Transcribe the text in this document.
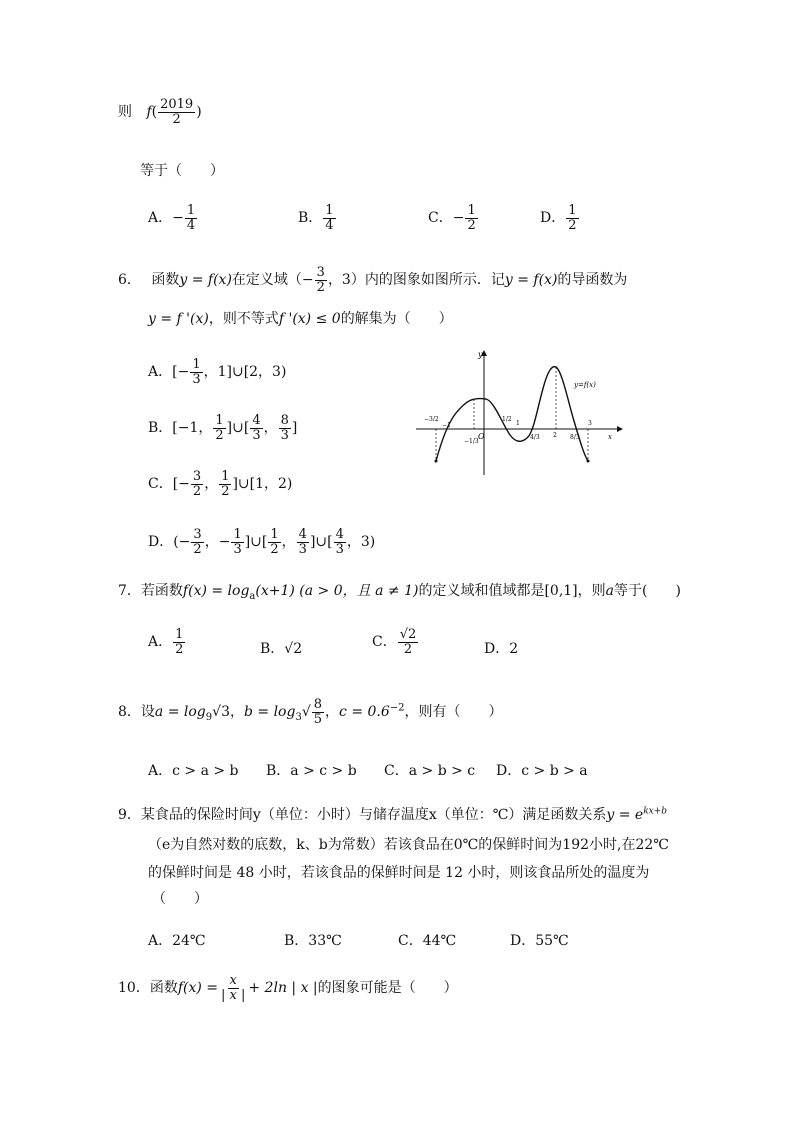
则 $f( \frac{2019}{2}$ )
等于（　　）
A．− $\frac{1}{4}$	B． $\frac{1}{4}$	C．− $\frac{1}{2}$	D． $\frac{1}{2}$
6． 函数y = f(x)在定义域（− $\frac{3}{2}$ ，3）内的图象如图所示．记y = f(x)的导函数为
y = f '(x)，则不等式f '(x) ≤ 0的解集为（　　）
A．[− $\frac{1}{3}$ ，1]∪[2，3)
B．[−1， $\frac{1}{2}$ ]∪[ $\frac{4}{3}$ ， $\frac{8}{3}$ ]
C．[− $\frac{3}{2}$ ， $\frac{1}{2}$ ]∪[1，2)
D．(− $\frac{3}{2}$ ，− $\frac{1}{3}$ ]∪[ $\frac{1}{2}$ ， $\frac{4}{3}$ ]∪[ $\frac{4}{3}$ ，3)
y
x
O
y=f(x)
−3/2
−1
−1/3
1/2
1
4/3 2 8/3
3
7．若函数$f(x) = \log_a(x+1) (a > 0$，且 a ≠ 1)的定义域和值域都是[0,1]，则a等于(　　)
A． $\frac{1}{2}$	B．√2	C． $\frac{√2}{2}$	D．2
8．设$a = \log_9√3$，$b = \log_3√ \frac{8}{5}$ ，$c = 0.6^{-2}$，则有（　　）
A．c > a > b B．a > c > b C．a > b > c D．c > b > a
9．某食品的保险时间y（单位：小时）与储存温度x（单位：℃）满足函数关系$y = e^{kx+b}$
（e为自然对数的底数，k、b为常数）若该食品在0℃的保鲜时间为192小时,在22℃
的保鲜时间是 48 小时，若该食品的保鲜时间是 12 小时，则该食品所处的温度为
（　　）
A．24℃	B．33℃	C．44℃	D．55℃
10．函数$f(x) = \frac{x}{| x |} + 2\ln$ | x |的图象可能是（　　）
